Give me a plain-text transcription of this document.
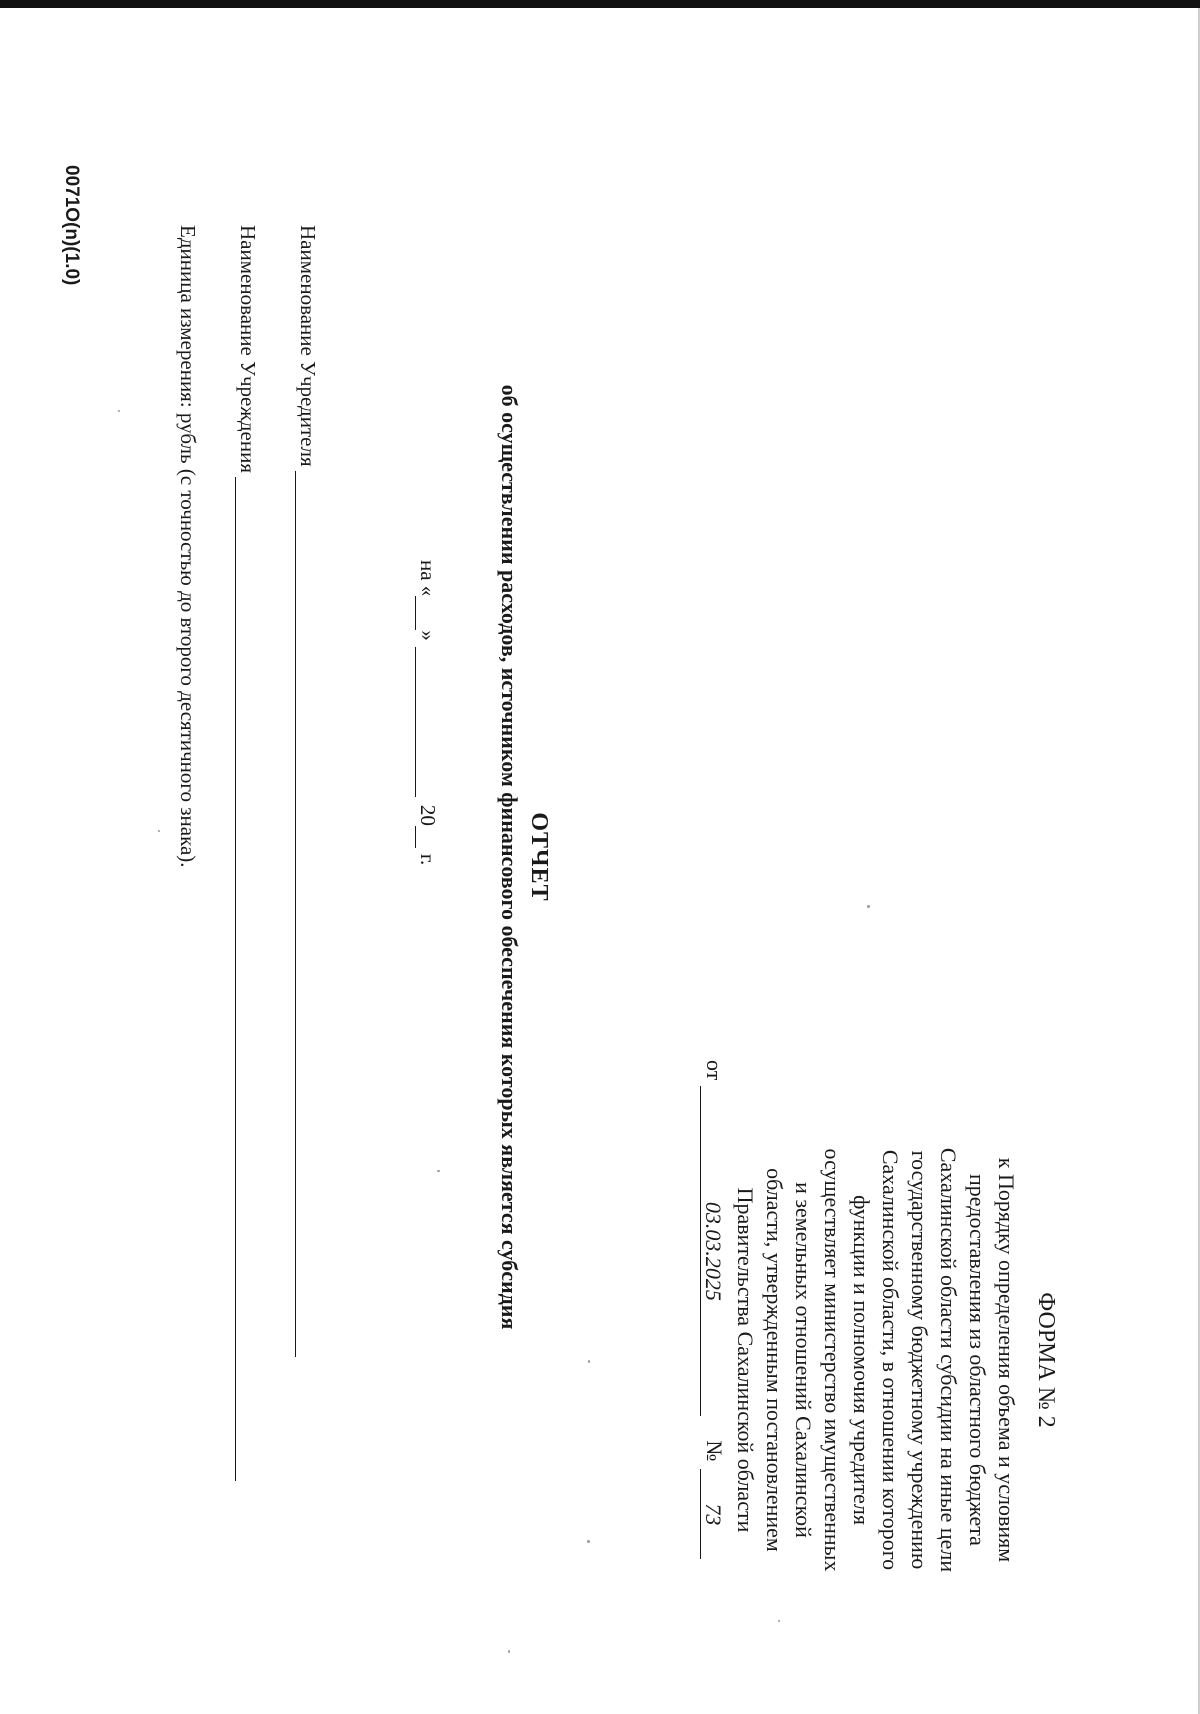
ФОРМА № 2
к Порядку определения объема и условиям
предоставления из областного бюджета
Сахалинской области субсидии на иные цели
государственному бюджетному учреждению
Сахалинской области, в отношении которого
функции и полномочия учредителя
осуществляет министерство имущественных
и земельных отношений Сахалинской
области, утвержденным постановлением
Правительства Сахалинской области
от
03.03.2025
№
73
ОТЧЕТ
об осуществлении расходов, источником финансового обеспечения которых является субсидия
на «
»
20
г.
Наименование Учредителя
Наименование Учреждения
Единица измерения: рубль (с точностью до второго десятичного знака).
0071O(n)(1.0)
